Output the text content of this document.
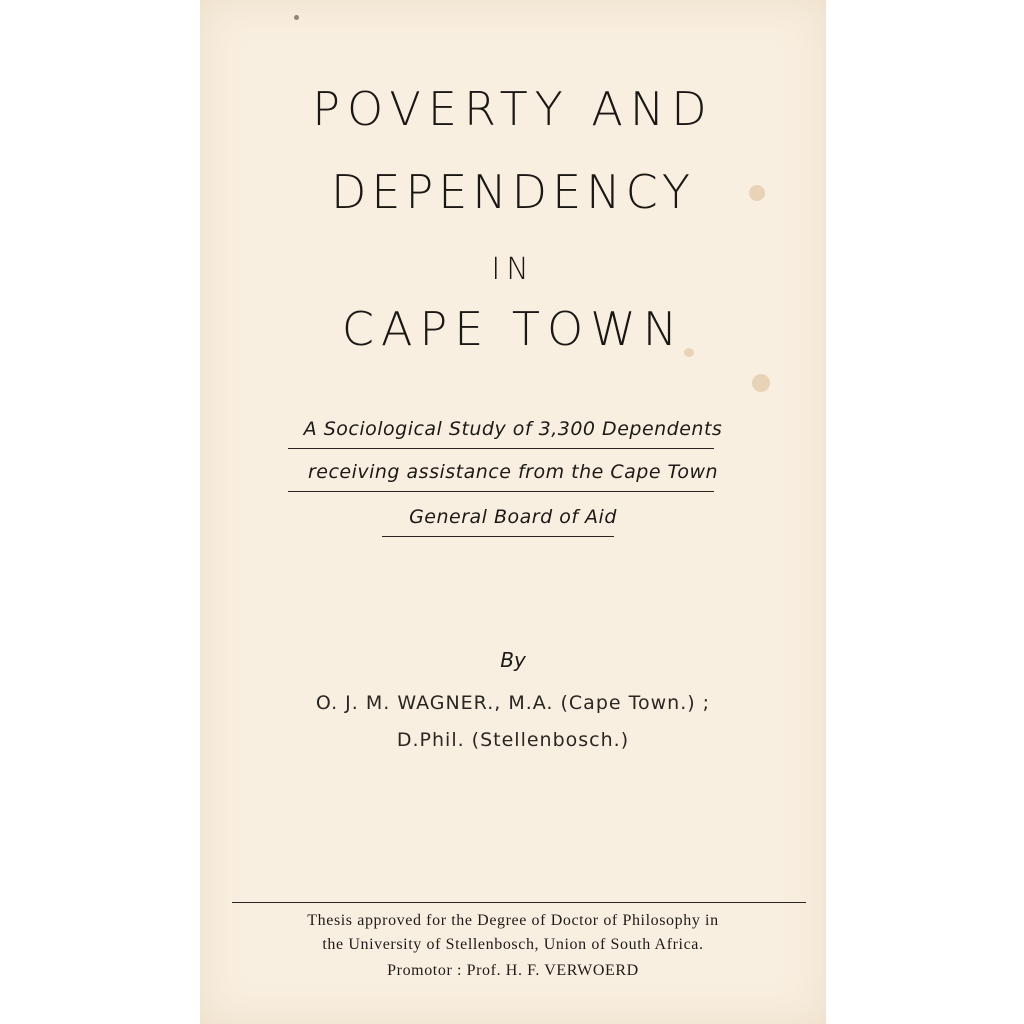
POVERTY AND
DEPENDENCY
IN
CAPE TOWN
A Sociological Study of 3,300 Dependents
receiving assistance from the Cape Town
General Board of Aid
By
O. J. M. WAGNER., M.A. (Cape Town.) ;
D.Phil. (Stellenbosch.)
Thesis approved for the Degree of Doctor of Philosophy in
the University of Stellenbosch, Union of South Africa.
Promotor : Prof. H. F. VERWOERD
